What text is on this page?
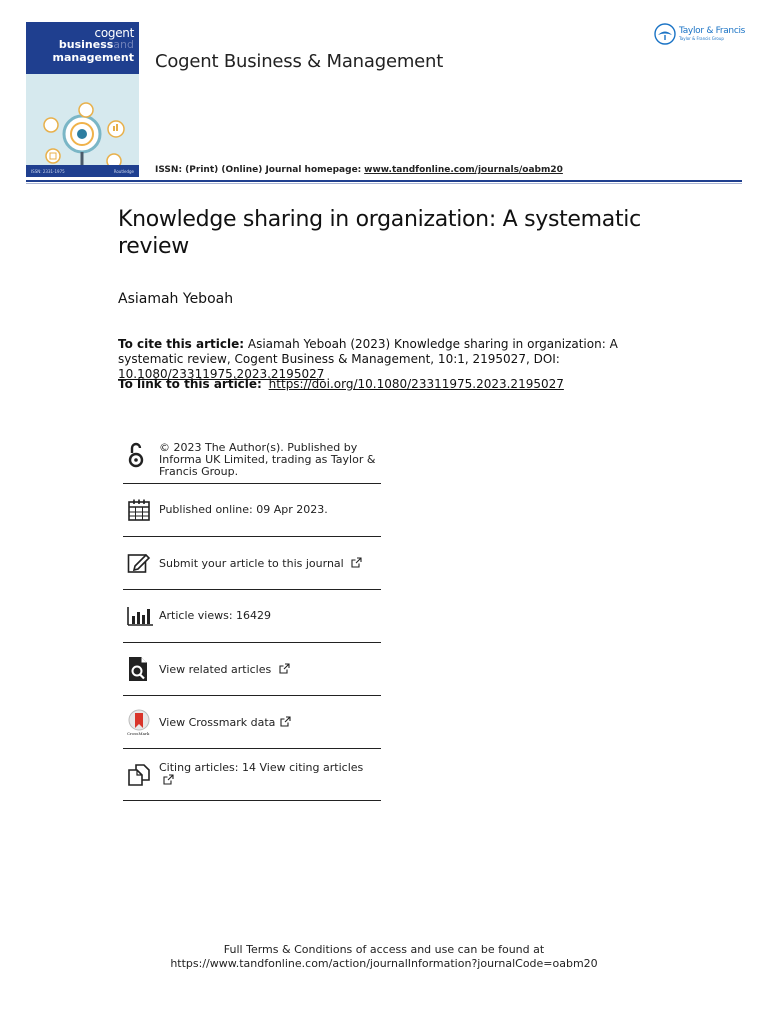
cogent
businessand
management
ISSN: 2331-1975	Routledge
Cogent Business & Management
ISSN: (Print) (Online) Journal homepage: www.tandfonline.com/journals/oabm20
Taylor & Francis
Taylor & Francis Group
Knowledge sharing in organization: A systematic review
Asiamah Yeboah
To cite this article: Asiamah Yeboah (2023) Knowledge sharing in organization: A systematic review, Cogent Business & Management, 10:1, 2195027, DOI: 10.1080/23311975.2023.2195027
To link to this article: https://doi.org/10.1080/23311975.2023.2195027
© 2023 The Author(s). Published by Informa UK Limited, trading as Taylor & Francis Group.
Published online: 09 Apr 2023.
Submit your article to this journal
Article views: 16429
View related articles
CrossMark
View Crossmark data
Citing articles: 14 View citing articles
Full Terms & Conditions of access and use can be found at
https://www.tandfonline.com/action/journalInformation?journalCode=oabm20
